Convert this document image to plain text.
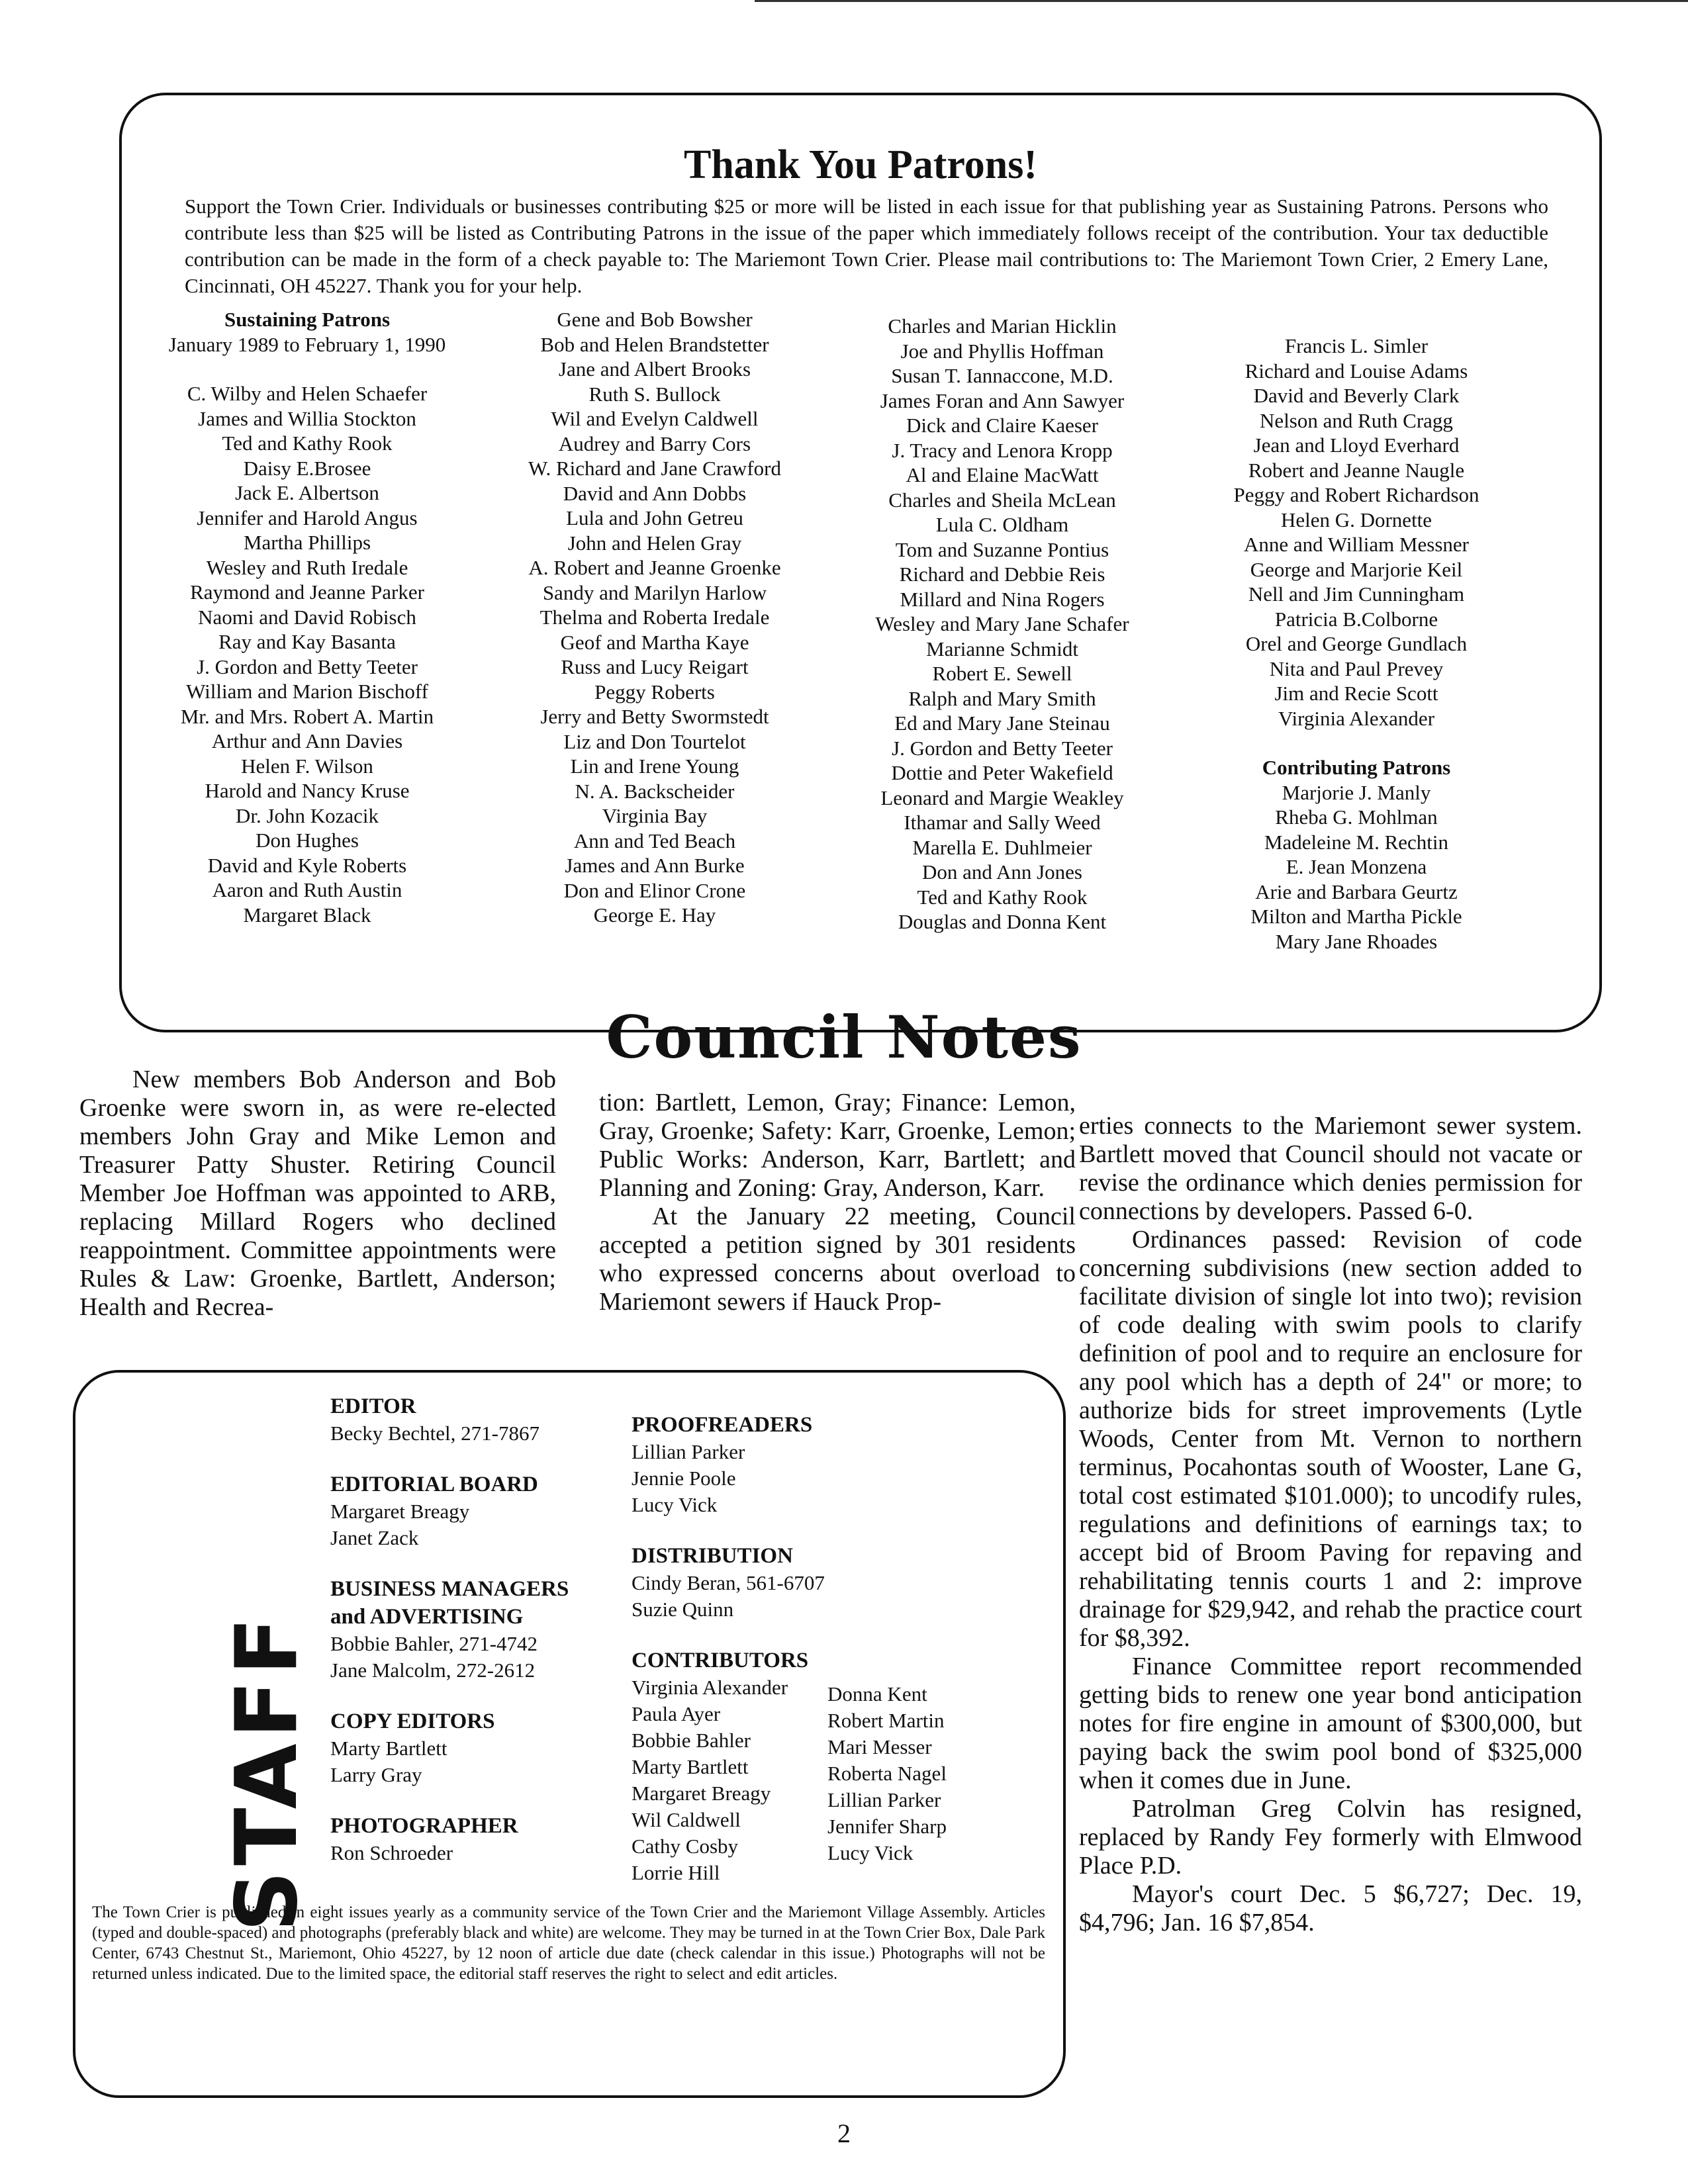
Thank You Patrons!

Support the Town Crier. Individuals or businesses contributing $25 or more will be listed in each issue for that publishing year as Sustaining Patrons. Persons who contribute less than $25 will be listed as Contributing Patrons in the issue of the paper which immediately follows receipt of the contribution. Your tax deductible contribution can be made in the form of a check payable to: The Mariemont Town Crier. Please mail contributions to: The Mariemont Town Crier, 2 Emery Lane, Cincinnati, OH 45227. Thank you for your help.

Sustaining Patrons
January 1989 to February 1, 1990
C. Wilby and Helen Schaefer
James and Willia Stockton
Ted and Kathy Rook
Daisy E.Brosee
Jack E. Albertson
Jennifer and Harold Angus
Martha Phillips
Wesley and Ruth Iredale
Raymond and Jeanne Parker
Naomi and David Robisch
Ray and Kay Basanta
J. Gordon and Betty Teeter
William and Marion Bischoff
Mr. and Mrs. Robert A. Martin
Arthur and Ann Davies
Helen F. Wilson
Harold and Nancy Kruse
Dr. John Kozacik
Don Hughes
David and Kyle Roberts
Aaron and Ruth Austin
Margaret Black
Gene and Bob Bowsher
Bob and Helen Brandstetter
Jane and Albert Brooks
Ruth S. Bullock
Wil and Evelyn Caldwell
Audrey and Barry Cors
W. Richard and Jane Crawford
David and Ann Dobbs
Lula and John Getreu
John and Helen Gray
A. Robert and Jeanne Groenke
Sandy and Marilyn Harlow
Thelma and Roberta Iredale
Geof and Martha Kaye
Russ and Lucy Reigart
Peggy Roberts
Jerry and Betty Swormstedt
Liz and Don Tourtelot
Lin and Irene Young
N. A. Backscheider
Virginia Bay
Ann and Ted Beach
James and Ann Burke
Don and Elinor Crone
George E. Hay
Charles and Marian Hicklin
Joe and Phyllis Hoffman
Susan T. Iannaccone, M.D.
James Foran and Ann Sawyer
Dick and Claire Kaeser
J. Tracy and Lenora Kropp
Al and Elaine MacWatt
Charles and Sheila McLean
Lula C. Oldham
Tom and Suzanne Pontius
Richard and Debbie Reis
Millard and Nina Rogers
Wesley and Mary Jane Schafer
Marianne Schmidt
Robert E. Sewell
Ralph and Mary Smith
Ed and Mary Jane Steinau
J. Gordon and Betty Teeter
Dottie and Peter Wakefield
Leonard and Margie Weakley
Ithamar and Sally Weed
Marella E. Duhlmeier
Don and Ann Jones
Ted and Kathy Rook
Douglas and Donna Kent
Francis L. Simler
Richard and Louise Adams
David and Beverly Clark
Nelson and Ruth Cragg
Jean and Lloyd Everhard
Robert and Jeanne Naugle
Peggy and Robert Richardson
Helen G. Dornette
Anne and William Messner
George and Marjorie Keil
Nell and Jim Cunningham
Patricia B.Colborne
Orel and George Gundlach
Nita and Paul Prevey
Jim and Recie Scott
Virginia Alexander
Contributing Patrons
Marjorie J. Manly
Rheba G. Mohlman
Madeleine M. Rechtin
E. Jean Monzena
Arie and Barbara Geurtz
Milton and Martha Pickle
Mary Jane Rhoades
Council Notes

New members Bob Anderson and Bob Groenke were sworn in, as were re-elected members John Gray and Mike Lemon and Treasurer Patty Shuster. Retiring Council Member Joe Hoffman was appointed to ARB, replacing Millard Rogers who declined reappointment. Committee appointments were Rules & Law: Groenke, Bartlett, Anderson; Health and Recrea-

tion: Bartlett, Lemon, Gray; Finance: Lemon, Gray, Groenke; Safety: Karr, Groenke, Lemon; Public Works: Anderson, Karr, Bartlett; and Planning and Zoning: Gray, Anderson, Karr.

At the January 22 meeting, Council accepted a petition signed by 301 residents who expressed concerns about overload to Mariemont sewers if Hauck Prop-

erties connects to the Mariemont sewer system. Bartlett moved that Council should not vacate or revise the ordinance which denies permission for connections by developers. Passed 6-0.

Ordinances passed: Revision of code concerning subdivisions (new section added to facilitate division of single lot into two); revision of code dealing with swim pools to clarify definition of pool and to require an enclosure for any pool which has a depth of 24" or more; to authorize bids for street improvements (Lytle Woods, Center from Mt. Vernon to northern terminus, Pocahontas south of Wooster, Lane G, total cost estimated $101.000); to uncodify rules, regulations and definitions of earnings tax; to accept bid of Broom Paving for repaving and rehabilitating tennis courts 1 and 2: improve drainage for $29,942, and rehab the practice court for $8,392.

Finance Committee report recommended getting bids to renew one year bond anticipation notes for fire engine in amount of $300,000, but paying back the swim pool bond of $325,000 when it comes due in June.

Patrolman Greg Colvin has resigned, replaced by Randy Fey formerly with Elmwood Place P.D.

Mayor's court Dec. 5 $6,727; Dec. 19, $4,796; Jan. 16 $7,854.

STAFF
EDITOR
Becky Bechtel, 271-7867
EDITORIAL BOARD
Margaret Breagy
Janet Zack
BUSINESS MANAGERS
and ADVERTISING
Bobbie Bahler, 271-4742
Jane Malcolm, 272-2612
COPY EDITORS
Marty Bartlett
Larry Gray
PHOTOGRAPHER
Ron Schroeder
PROOFREADERS
Lillian Parker
Jennie Poole
Lucy Vick
DISTRIBUTION
Cindy Beran, 561-6707
Suzie Quinn
CONTRIBUTORS
Virginia Alexander
Paula Ayer
Bobbie Bahler
Marty Bartlett
Margaret Breagy
Wil Caldwell
Cathy Cosby
Lorrie Hill
Donna Kent
Robert Martin
Mari Messer
Roberta Nagel
Lillian Parker
Jennifer Sharp
Lucy Vick

The Town Crier is published in eight issues yearly as a community service of the Town Crier and the Mariemont Village Assembly. Articles (typed and double-spaced) and photographs (preferably black and white) are welcome. They may be turned in at the Town Crier Box, Dale Park Center, 6743 Chestnut St., Mariemont, Ohio 45227, by 12 noon of article due date (check calendar in this issue.) Photographs will not be returned unless indicated. Due to the limited space, the editorial staff reserves the right to select and edit articles.

2
